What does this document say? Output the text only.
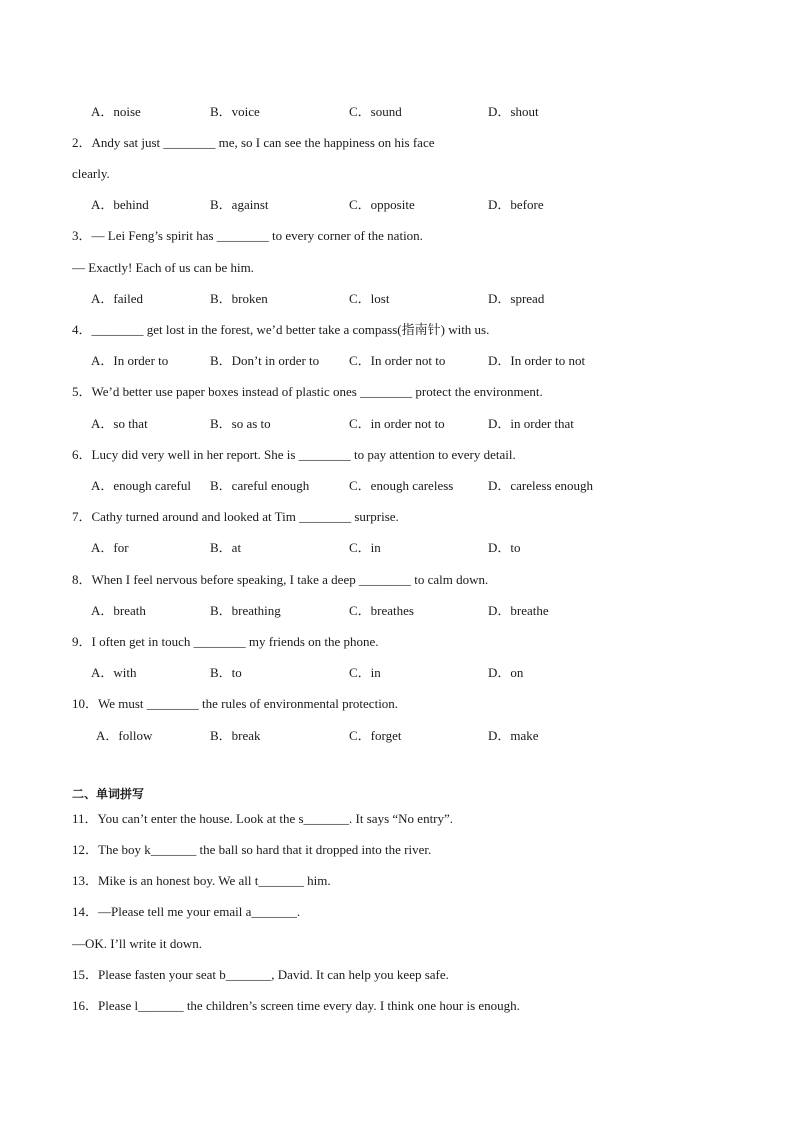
A．noise	B．voice	C．sound	D．shout
2．Andy sat just ________ me, so I can see the happiness on his face
clearly.
A．behind	B．against	C．opposite	D．before
3．— Lei Feng’s spirit has ________ to every corner of the nation.
— Exactly! Each of us can be him.
A．failed	B．broken	C．lost	D．spread
4．________ get lost in the forest, we’d better take a compass(指南针) with us.
A．In order to	B．Don’t in order to C．In order not to	D．In order to not
5．We’d better use paper boxes instead of plastic ones ________ protect the environment.
A．so that	B．so as to	C．in order not to	D．in order that
6．Lucy did very well in her report. She is ________ to pay attention to every detail.
A．enough careful B．careful enough	C．enough careless	D．careless enough
7．Cathy turned around and looked at Tim ________ surprise.
A．for	B．at	C．in	D．to
8．When I feel nervous before speaking, I take a deep ________ to calm down.
A．breath	B．breathing	C．breathes	D．breathe
9．I often get in touch ________ my friends on the phone.
A．with	B．to	C．in	D．on
10．We must ________ the rules of environmental protection.
A．follow	B．break	C．forget	D．make
二、单词拼写
11．You can’t enter the house. Look at the s_______. It says “No entry”.
12．The boy k_______ the ball so hard that it dropped into the river.
13．Mike is an honest boy. We all t_______ him.
14．—Please tell me your email a_______.
—OK. I’ll write it down.
15．Please fasten your seat b_______, David. It can help you keep safe.
16．Please l_______ the children’s screen time every day. I think one hour is enough.
